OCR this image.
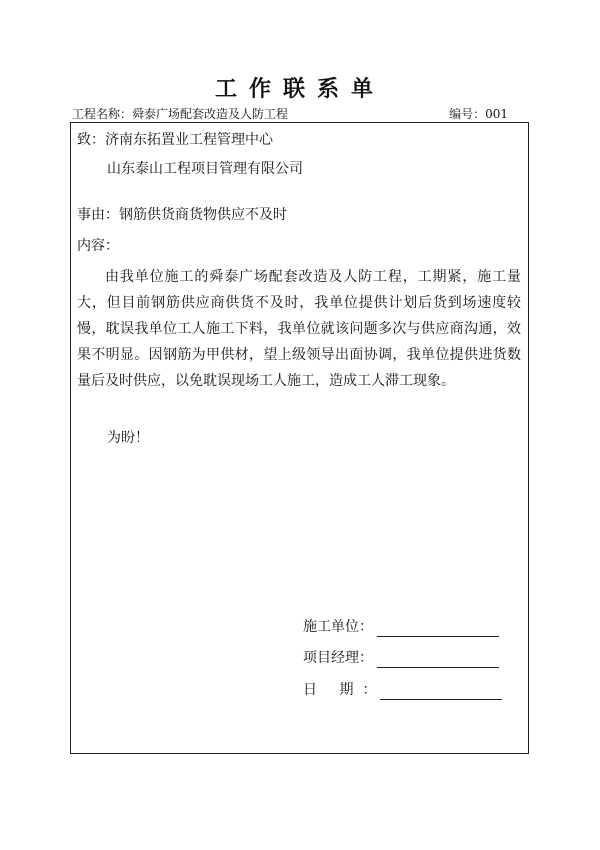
工作联系单
工程名称：舜泰广场配套改造及人防工程	编号：001
致：济南东拓置业工程管理中心
山东泰山工程项目管理有限公司
事由：钢筋供货商货物供应不及时
内容：
由我单位施工的舜泰广场配套改造及人防工程，工期紧，施工量大，但目前钢筋供应商供货不及时，我单位提供计划后货到场速度较慢，耽误我单位工人施工下料，我单位就该问题多次与供应商沟通，效果不明显。因钢筋为甲供材，望上级领导出面协调，我单位提供进货数量后及时供应，以免耽误现场工人施工，造成工人滞工现象。
为盼！
施工单位：
项目经理：
日 期：
